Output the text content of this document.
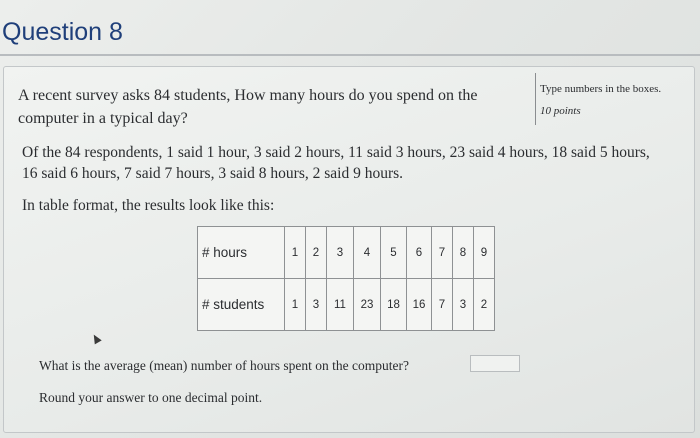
Question 8
A recent survey asks 84 students, How many hours do you spend on the
computer in a typical day?
Type numbers in the boxes.
10 points
Of the 84 respondents, 1 said 1 hour, 3 said 2 hours, 11 said 3 hours, 23 said 4 hours, 18 said 5 hours,
16 said 6 hours, 7 said 7 hours, 3 said 8 hours, 2 said 9 hours.
In table format, the results look like this:
# hours	1	2	3	4	5	6	7	8	9
# students	1	3	11	23	18	16	7	3	2
What is the average (mean) number of hours spent on the computer?
Round your answer to one decimal point.
